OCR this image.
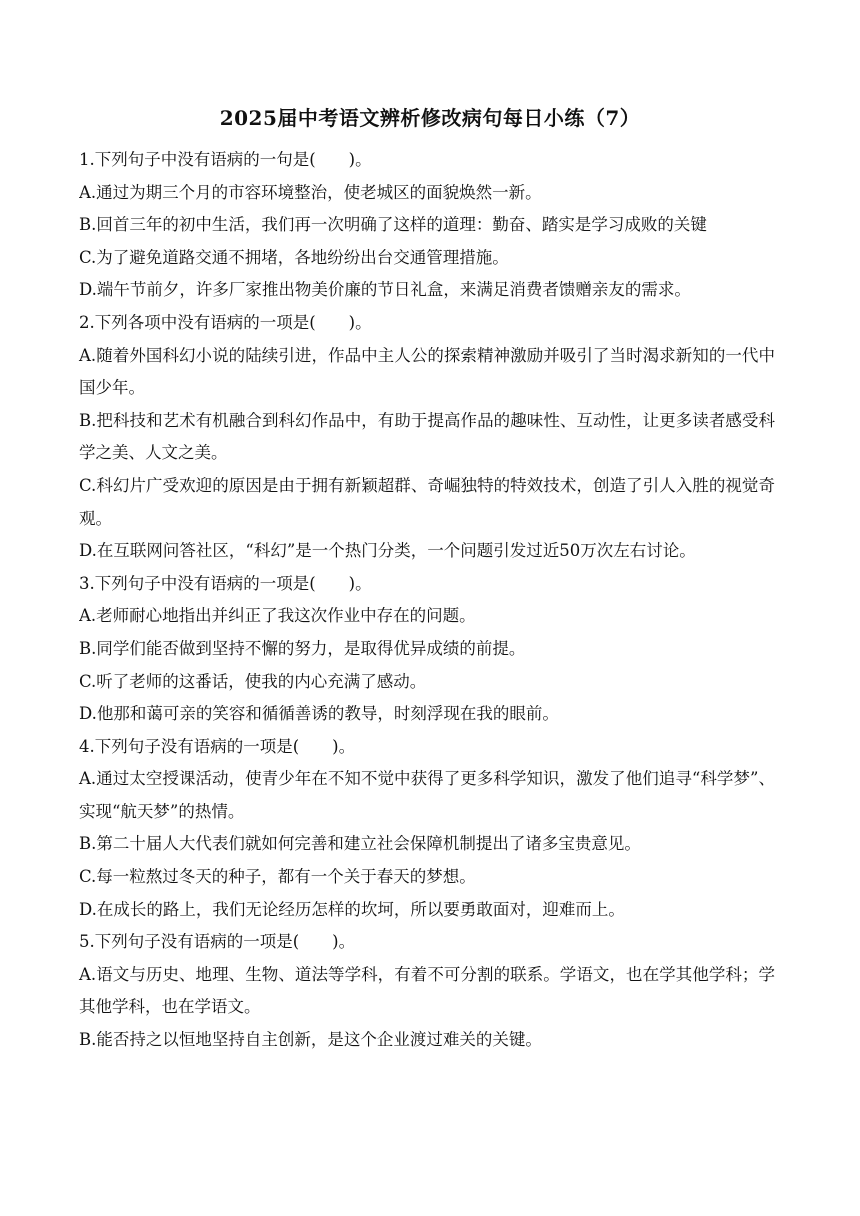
2025届中考语文辨析修改病句每日小练（7）
1.下列句子中没有语病的一句是(　　)。
A.通过为期三个月的市容环境整治，使老城区的面貌焕然一新。
B.回首三年的初中生活，我们再一次明确了这样的道理：勤奋、踏实是学习成败的关键
C.为了避免道路交通不拥堵，各地纷纷出台交通管理措施。
D.端午节前夕，许多厂家推出物美价廉的节日礼盒，来满足消费者馈赠亲友的需求。
2.下列各项中没有语病的一项是(　　)。
A.随着外国科幻小说的陆续引进，作品中主人公的探索精神激励并吸引了当时渴求新知的一代中国少年。
B.把科技和艺术有机融合到科幻作品中，有助于提高作品的趣味性、互动性，让更多读者感受科学之美、人文之美。
C.科幻片广受欢迎的原因是由于拥有新颖超群、奇崛独特的特效技术，创造了引人入胜的视觉奇观。
D.在互联网问答社区，“科幻”是一个热门分类，一个问题引发过近50万次左右讨论。
3.下列句子中没有语病的一项是(　　)。
A.老师耐心地指出并纠正了我这次作业中存在的问题。
B.同学们能否做到坚持不懈的努力，是取得优异成绩的前提。
C.听了老师的这番话，使我的内心充满了感动。
D.他那和蔼可亲的笑容和循循善诱的教导，时刻浮现在我的眼前。
4.下列句子没有语病的一项是(　　)。
A.通过太空授课活动，使青少年在不知不觉中获得了更多科学知识，激发了他们追寻“科学梦”、实现“航天梦”的热情。
B.第二十届人大代表们就如何完善和建立社会保障机制提出了诸多宝贵意见。
C.每一粒熬过冬天的种子，都有一个关于春天的梦想。
D.在成长的路上，我们无论经历怎样的坎坷，所以要勇敢面对，迎难而上。
5.下列句子没有语病的一项是(　　)。
A.语文与历史、地理、生物、道法等学科，有着不可分割的联系。学语文，也在学其他学科；学其他学科，也在学语文。
B.能否持之以恒地坚持自主创新，是这个企业渡过难关的关键。
